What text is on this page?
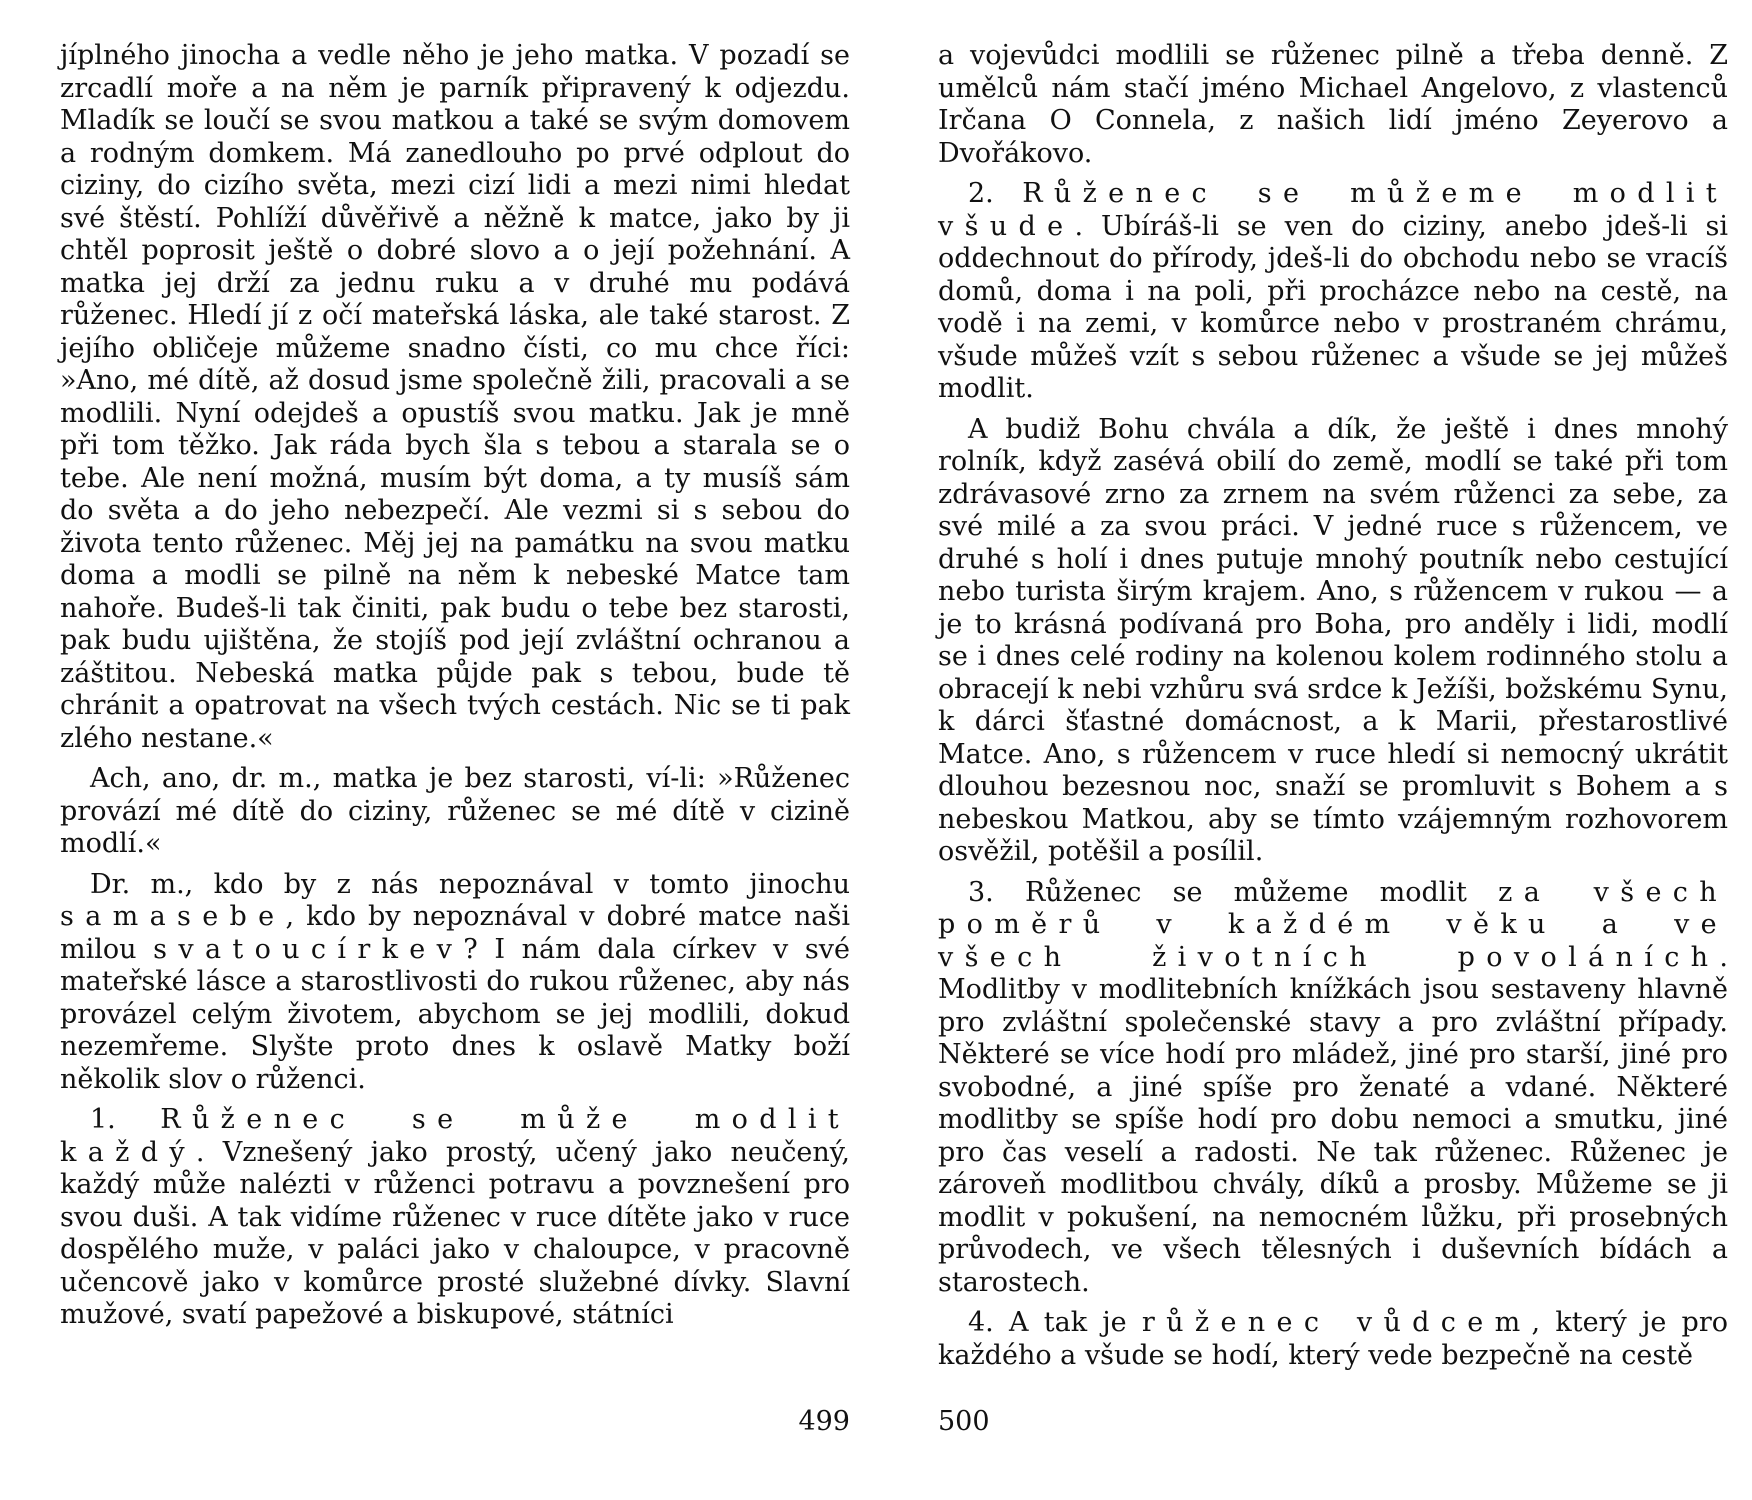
jíplného jinocha a vedle něho je jeho matka. V pozadí se zrcadlí moře a na něm je parník připravený k odjezdu. Mladík se loučí se svou matkou a také se svým domovem a rodným domkem. Má zanedlouho po prvé odplout do ciziny, do cizího světa, mezi cizí lidi a mezi nimi hledat své štěstí. Pohlíží důvěřivě a něžně k matce, jako by ji chtěl poprosit ještě o dobré slovo a o její požehnání. A matka jej drží za jednu ruku a v druhé mu podává růženec. Hledí jí z očí mateřská láska, ale také starost. Z jejího obličeje můžeme snadno čísti, co mu chce říci: »Ano, mé dítě, až dosud jsme společně žili, pracovali a se modlili. Nyní odejdeš a opustíš svou matku. Jak je mně při tom těžko. Jak ráda bych šla s tebou a starala se o tebe. Ale není možná, musím být doma, a ty musíš sám do světa a do jeho nebezpečí. Ale vezmi si s sebou do života tento růženec. Měj jej na památku na svou matku doma a modli se pilně na něm k nebeské Matce tam nahoře. Budeš-li tak činiti, pak budu o tebe bez starosti, pak budu ujištěna, že stojíš pod její zvláštní ochranou a záštitou. Nebeská matka půjde pak s tebou, bude tě chránit a opatrovat na všech tvých cestách. Nic se ti pak zlého nestane.«

Ach, ano, dr. m., matka je bez starosti, ví-li: »Růženec provází mé dítě do ciziny, růženec se mé dítě v cizině modlí.«

Dr. m., kdo by z nás nepoznával v tomto jinochu samasebe, kdo by nepoznával v dobré matce naši milou svatoucírkev? I nám dala církev v své mateřské lásce a starostlivosti do rukou růženec, aby nás provázel celým životem, abychom se jej modlili, dokud nezemřeme. Slyšte proto dnes k oslavě Matky boží několik slov o růženci.

1. Růženec se může modlit každý. Vznešený jako prostý, učený jako neučený, každý může nalézti v růženci potravu a povznešení pro svou duši. A tak vidíme růženec v ruce dítěte jako v ruce dospělého muže, v paláci jako v chaloupce, v pracovně učencově jako v komůrce prosté služebné dívky. Slavní mužové, svatí papežové a biskupové, státníci

499

a vojevůdci modlili se růženec pilně a třeba denně. Z umělců nám stačí jméno Michael Angelovo, z vlastenců Irčana O Connela, z našich lidí jméno Zeyerovo a Dvořákovo.

2. Růženec se můžeme modlit všude. Ubíráš-li se ven do ciziny, anebo jdeš-li si oddechnout do přírody, jdeš-li do obchodu nebo se vracíš domů, doma i na poli, při procházce nebo na cestě, na vodě i na zemi, v komůrce nebo v prostraném chrámu, všude můžeš vzít s sebou růženec a všude se jej můžeš modlit.

A budiž Bohu chvála a dík, že ještě i dnes mnohý rolník, když zasévá obilí do země, modlí se také při tom zdrávasové zrno za zrnem na svém růženci za sebe, za své milé a za svou práci. V jedné ruce s růžencem, ve druhé s holí i dnes putuje mnohý poutník nebo cestující nebo turista širým krajem. Ano, s růžencem v rukou — a je to krásná podívaná pro Boha, pro anděly i lidi, modlí se i dnes celé rodiny na kolenou kolem rodinného stolu a obracejí k nebi vzhůru svá srdce k Ježíši, božskému Synu, k dárci šťastné domácnost, a k Marii, přestarostlivé Matce. Ano, s růžencem v ruce hledí si nemocný ukrátit dlouhou bezesnou noc, snaží se promluvit s Bohem a s nebeskou Matkou, aby se tímto vzájemným rozhovorem osvěžil, potěšil a posílil.

3. Růženec se můžeme modlit za všech poměrů v každém věku a ve všech životních povoláních. Modlitby v modlitebních knížkách jsou sestaveny hlavně pro zvláštní společenské stavy a pro zvláštní případy. Některé se více hodí pro mládež, jiné pro starší, jiné pro svobodné, a jiné spíše pro ženaté a vdané. Některé modlitby se spíše hodí pro dobu nemoci a smutku, jiné pro čas veselí a radosti. Ne tak růženec. Růženec je zároveň modlitbou chvály, díků a prosby. Můžeme se ji modlit v pokušení, na nemocném lůžku, při prosebných průvodech, ve všech tělesných i duševních bídách a starostech.

4. A tak je růženec vůdcem, který je pro každého a všude se hodí, který vede bezpečně na cestě

500
